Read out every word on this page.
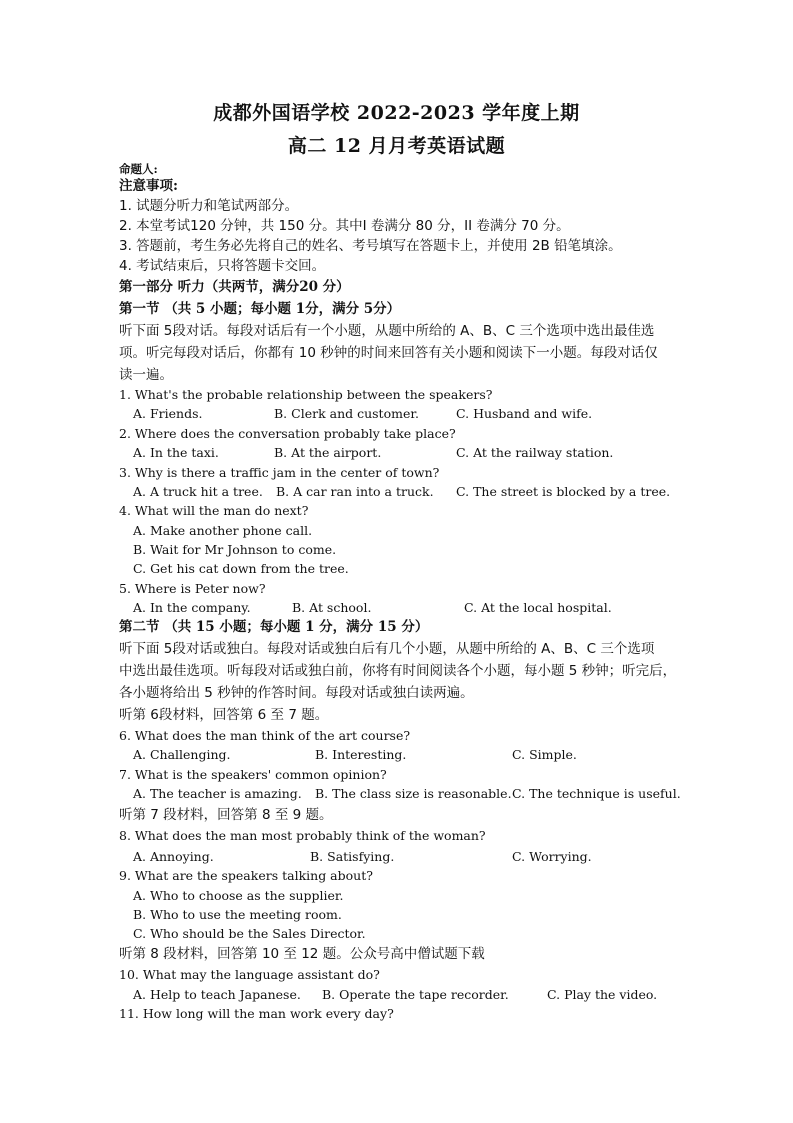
成都外国语学校 2022-2023 学年度上期
高二 12 月月考英语试题
命题人:
注意事项:
1. 试题分听力和笔试两部分。
2. 本堂考试120 分钟，共 150 分。其中I 卷满分 80 分，II 卷满分 70 分。
3. 答题前，考生务必先将自己的姓名、考号填写在答题卡上，并使用 2B 铅笔填涂。
4. 考试结束后，只将答题卡交回。
第一部分 听力（共两节，满分20 分）
第一节 （共 5 小题；每小题 1分，满分 5分）
听下面 5段对话。每段对话后有一个小题，从题中所给的 A、B、C 三个选项中选出最佳选
项。听完每段对话后，你都有 10 秒钟的时间来回答有关小题和阅读下一小题。每段对话仅
读一遍。
1. What's the probable relationship between the speakers?
A. Friends.	B. Clerk and customer.	C. Husband and wife.
2. Where does the conversation probably take place?
A. In the taxi.	B. At the airport.	C. At the railway station.
3. Why is there a traffic jam in the center of town?
A. A truck hit a tree. B. A car ran into a truck. C. The street is blocked by a tree.
4. What will the man do next?
A. Make another phone call.
B. Wait for Mr Johnson to come.
C. Get his cat down from the tree.
5. Where is Peter now?
A. In the company.	B. At school.	C. At the local hospital.
第二节 （共 15 小题；每小题 1 分，满分 15 分）
听下面 5段对话或独白。每段对话或独白后有几个小题，从题中所给的 A、B、C 三个选项
中选出最佳选项。听每段对话或独白前，你将有时间阅读各个小题，每小题 5 秒钟；听完后，
各小题将给出 5 秒钟的作答时间。每段对话或独白读两遍。
听第 6段材料，回答第 6 至 7 题。
6. What does the man think of the art course?
A. Challenging.	B. Interesting.	C. Simple.
7. What is the speakers' common opinion?
A. The teacher is amazing. B. The class size is reasonable. C. The technique is useful.
听第 7 段材料，回答第 8 至 9 题。
8. What does the man most probably think of the woman?
A. Annoying.	B. Satisfying.	C. Worrying.
9. What are the speakers talking about?
A. Who to choose as the supplier.
B. Who to use the meeting room.
C. Who should be the Sales Director.
听第 8 段材料，回答第 10 至 12 题。公众号高中僧试题下载
10. What may the language assistant do?
A. Help to teach Japanese. B. Operate the tape recorder.	C. Play the video.
11. How long will the man work every day?
